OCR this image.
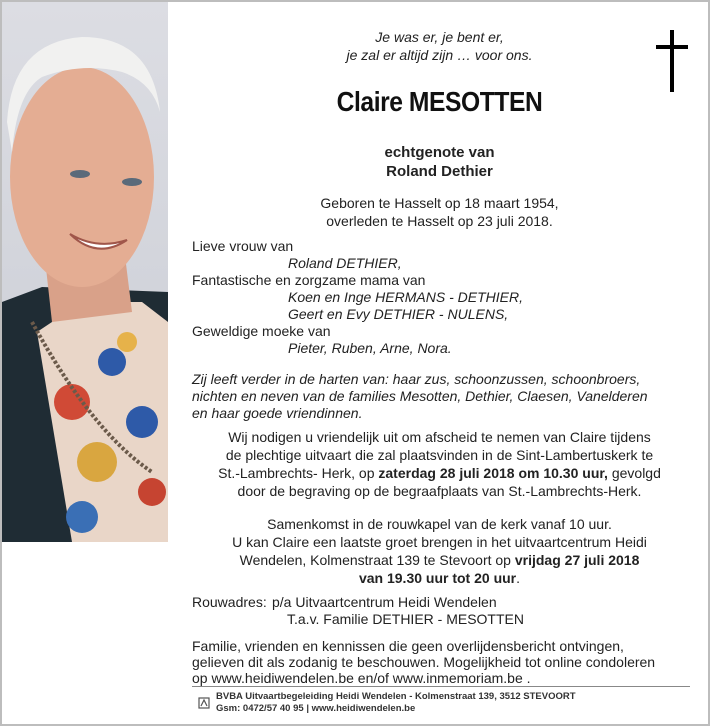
Je was er, je bent er,
je zal er altijd zijn … voor ons.
Claire MESOTTEN
echtgenote van
Roland Dethier
Geboren te Hasselt op 18 maart 1954,
overleden te Hasselt op 23 juli 2018.
Lieve vrouw van
Roland DETHIER,
Fantastische en zorgzame mama van
Koen en Inge HERMANS - DETHIER,
Geert en Evy DETHIER - NULENS,
Geweldige moeke van
Pieter, Ruben, Arne, Nora.
Zij leeft verder in de harten van: haar zus, schoonzussen, schoonbroers,
nichten en neven van de families Mesotten, Dethier, Claesen, Vanelderen
en haar goede vriendinnen.
Wij nodigen u vriendelijk uit om afscheid te nemen van Claire tijdens
de plechtige uitvaart die zal plaatsvinden in de Sint-Lambertuskerk te
St.-Lambrechts- Herk, op zaterdag 28 juli 2018 om 10.30 uur, gevolgd
door de begraving op de begraafplaats van St.-Lambrechts-Herk.
Samenkomst in de rouwkapel van de kerk vanaf 10 uur.
U kan Claire een laatste groet brengen in het uitvaartcentrum Heidi
Wendelen, Kolmenstraat 139 te Stevoort op vrijdag 27 juli 2018
van 19.30 uur tot 20 uur.
Rouwadres: p/a Uitvaartcentrum Heidi Wendelen
T.a.v. Familie DETHIER - MESOTTEN
Familie, vrienden en kennissen die geen overlijdensbericht ontvingen,
gelieven dit als zodanig te beschouwen. Mogelijkheid tot online condoleren
op www.heidiwendelen.be en/of www.inmemoriam.be .
BVBA Uitvaartbegeleiding Heidi Wendelen - Kolmenstraat 139, 3512 STEVOORT
Gsm: 0472/57 40 95 | www.heidiwendelen.be
